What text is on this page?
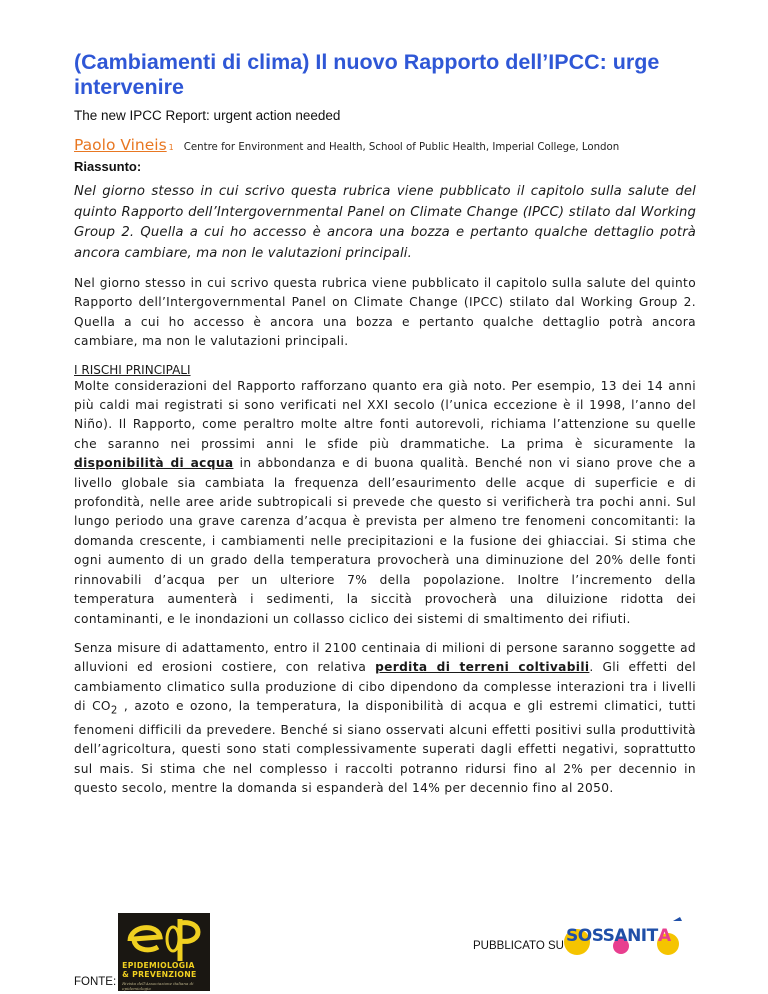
(Cambiamenti di clima) Il nuovo Rapporto dell’IPCC: urge intervenire

The new IPCC Report: urgent action needed

Paolo Vineis 1 Centre for Environment and Health, School of Public Health, Imperial College, London
Riassunto:

Nel giorno stesso in cui scrivo questa rubrica viene pubblicato il capitolo sulla salute del quinto Rapporto dell’Intergovernmental Panel on Climate Change (IPCC) stilato dal Working Group 2. Quella a cui ho accesso è ancora una bozza e pertanto qualche dettaglio potrà ancora cambiare, ma non le valutazioni principali.

Nel giorno stesso in cui scrivo questa rubrica viene pubblicato il capitolo sulla salute del quinto Rapporto dell’Intergovernmental Panel on Climate Change (IPCC) stilato dal Working Group 2. Quella a cui ho accesso è ancora una bozza e pertanto qualche dettaglio potrà ancora cambiare, ma non le valutazioni principali.

I RISCHI PRINCIPALI

Molte considerazioni del Rapporto rafforzano quanto era già noto. Per esempio, 13 dei 14 anni più caldi mai registrati si sono verificati nel XXI secolo (l’unica eccezione è il 1998, l’anno del Niño). Il Rapporto, come peraltro molte altre fonti autorevoli, richiama l’attenzione su quelle che saranno nei prossimi anni le sfide più drammatiche. La prima è sicuramente la disponibilità di acqua in abbondanza e di buona qualità. Benché non vi siano prove che a livello globale sia cambiata la frequenza dell’esaurimento delle acque di superficie e di profondità, nelle aree aride subtropicali si prevede che questo si verificherà tra pochi anni. Sul lungo periodo una grave carenza d’acqua è prevista per almeno tre fenomeni concomitanti: la domanda crescente, i cambiamenti nelle precipitazioni e la fusione dei ghiacciai. Si stima che ogni aumento di un grado della temperatura provocherà una diminuzione del 20% delle fonti rinnovabili d’acqua per un ulteriore 7% della popolazione. Inoltre l’incremento della temperatura aumenterà i sedimenti, la siccità provocherà una diluizione ridotta dei contaminanti, e le inondazioni un collasso ciclico dei sistemi di smaltimento dei rifiuti.

Senza misure di adattamento, entro il 2100 centinaia di milioni di persone saranno soggette ad alluvioni ed erosioni costiere, con relativa perdita di terreni coltivabili. Gli effetti del cambiamento climatico sulla produzione di cibo dipendono da complesse interazioni tra i livelli di $CO_2$ , azoto e ozono, la temperatura, la disponibilità di acqua e gli estremi climatici, tutti fenomeni difficili da prevedere. Benché si siano osservati alcuni effetti positivi sulla produttività dell’agricoltura, questi sono stati complessivamente superati dagli effetti negativi, soprattutto sul mais. Si stima che nel complesso i raccolti potranno ridursi fino al 2% per decennio in questo secolo, mentre la domanda si espanderà del 14% per decennio fino al 2050.

FONTE:
EPIDEMIOLOGIA
& PREVENZIONE
Rivista dell'Associazione italiana di epidemiologia
PUBBLICATO SU SOSSANIT A
